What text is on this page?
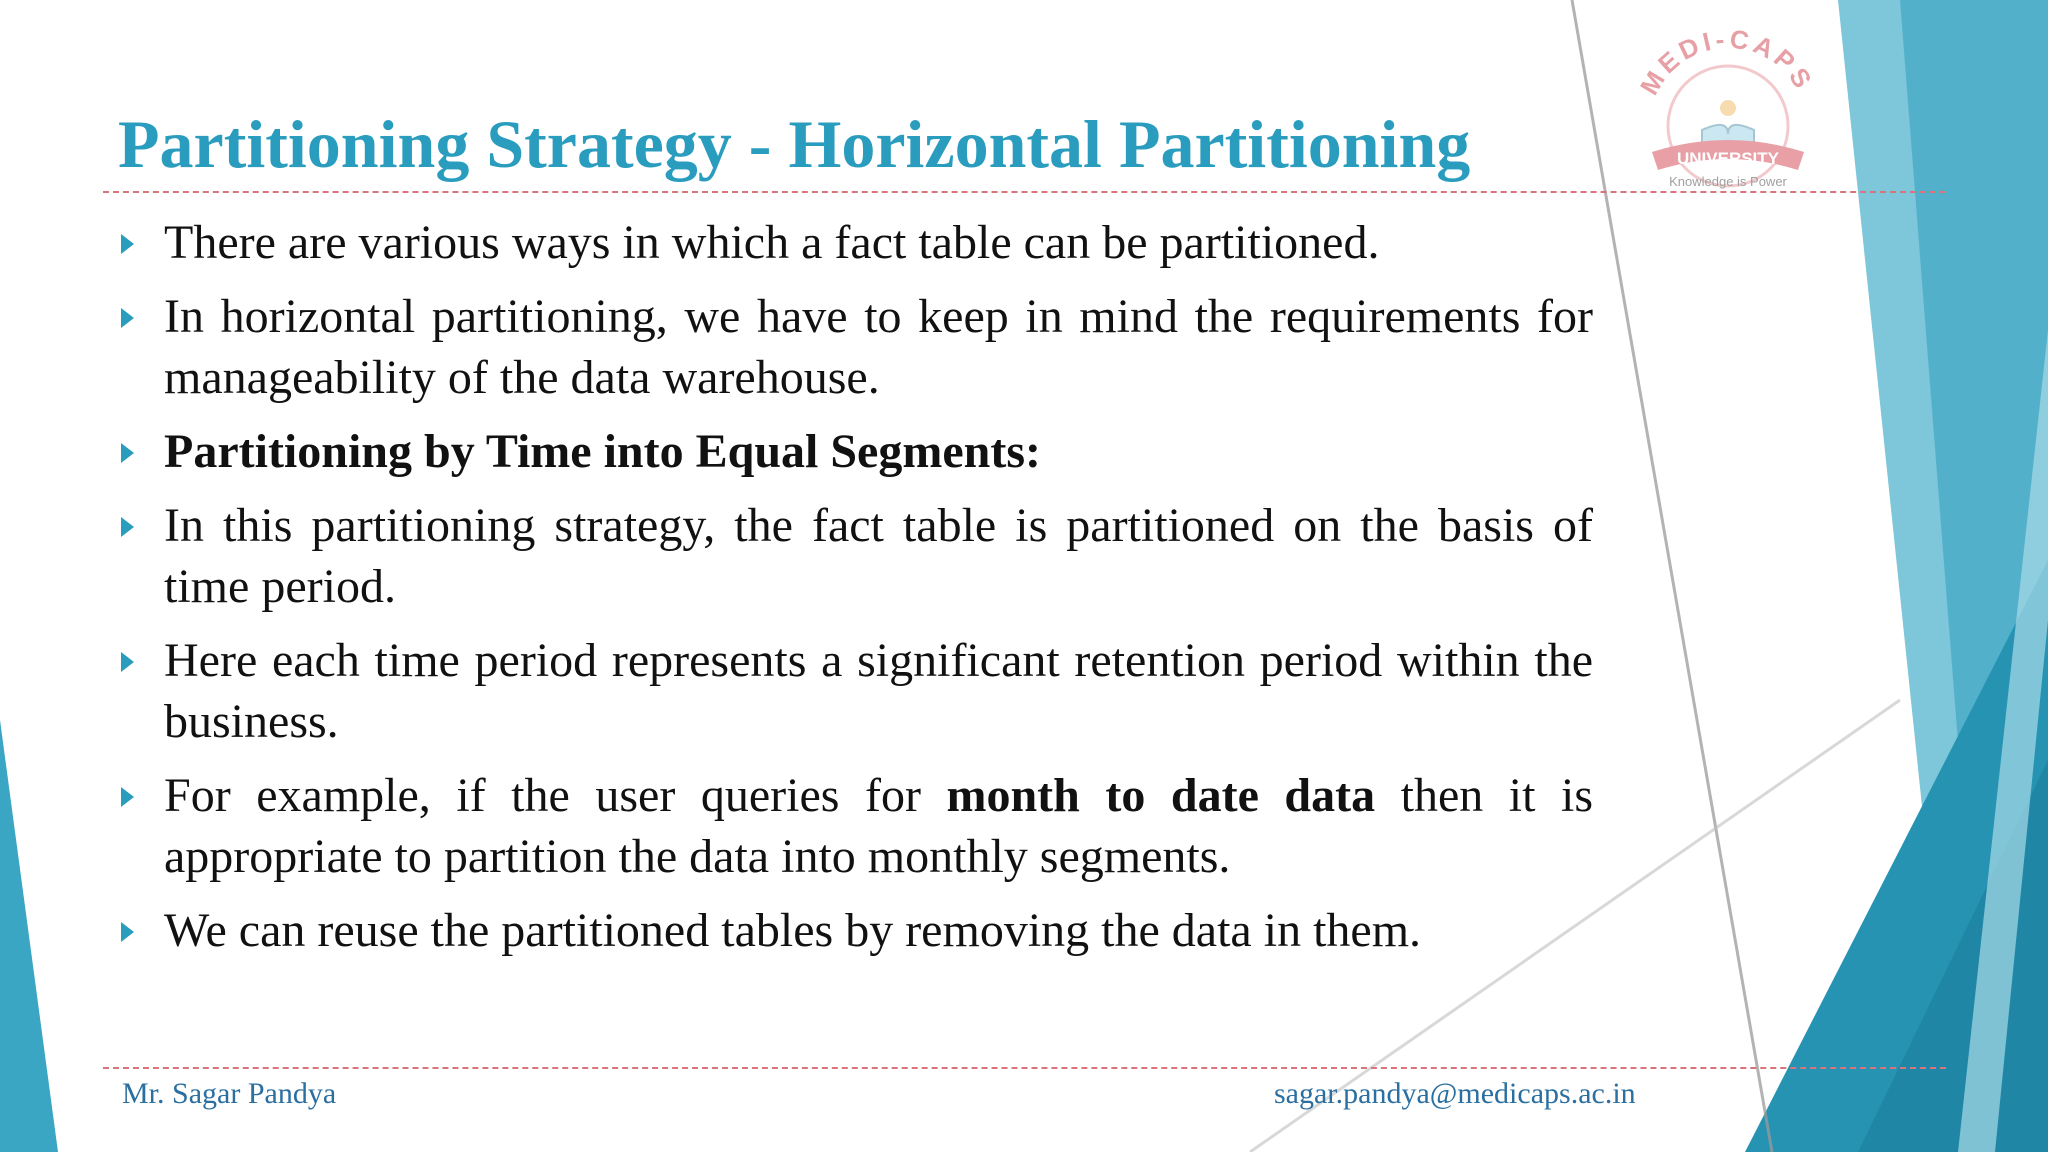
Partitioning Strategy - Horizontal Partitioning
MEDI-CAPS
UNIVERSITY
Knowledge is Power
There are various ways in which a fact table can be partitioned.
In horizontal partitioning, we have to keep in mind the requirements for manageability of the data warehouse.
Partitioning by Time into Equal Segments:
In this partitioning strategy, the fact table is partitioned on the basis of time period.
Here each time period represents a significant retention period within the business.
For example, if the user queries for month to date data then it is appropriate to partition the data into monthly segments.
We can reuse the partitioned tables by removing the data in them.
Mr. Sagar Pandya	sagar.pandya@medicaps.ac.in
